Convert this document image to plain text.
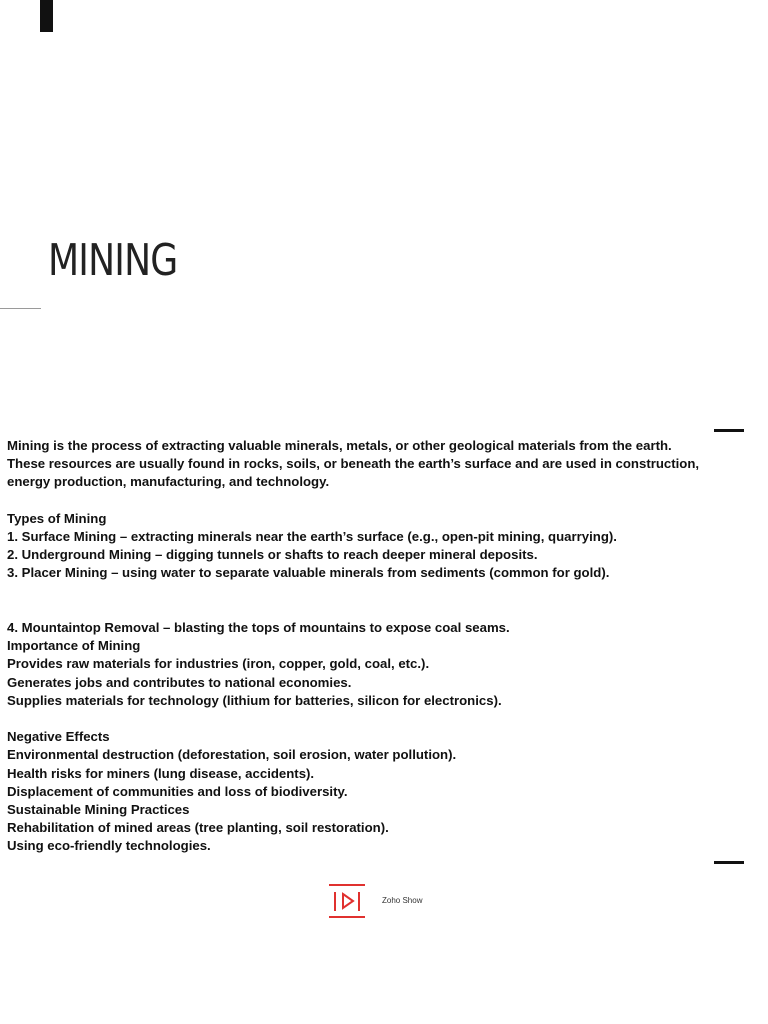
MINING

Mining is the process of extracting valuable minerals, metals, or other geological materials from the earth.

These resources are usually found in rocks, soils, or beneath the earth’s surface and are used in construction,

energy production, manufacturing, and technology.

Types of Mining

1. Surface Mining – extracting minerals near the earth’s surface (e.g., open-pit mining, quarrying).

2. Underground Mining – digging tunnels or shafts to reach deeper mineral deposits.

3. Placer Mining – using water to separate valuable minerals from sediments (common for gold).

4. Mountaintop Removal – blasting the tops of mountains to expose coal seams.

Importance of Mining

Provides raw materials for industries (iron, copper, gold, coal, etc.).

Generates jobs and contributes to national economies.

Supplies materials for technology (lithium for batteries, silicon for electronics).

Negative Effects

Environmental destruction (deforestation, soil erosion, water pollution).

Health risks for miners (lung disease, accidents).

Displacement of communities and loss of biodiversity.

Sustainable Mining Practices

Rehabilitation of mined areas (tree planting, soil restoration).

Using eco-friendly technologies.

Zoho Show
